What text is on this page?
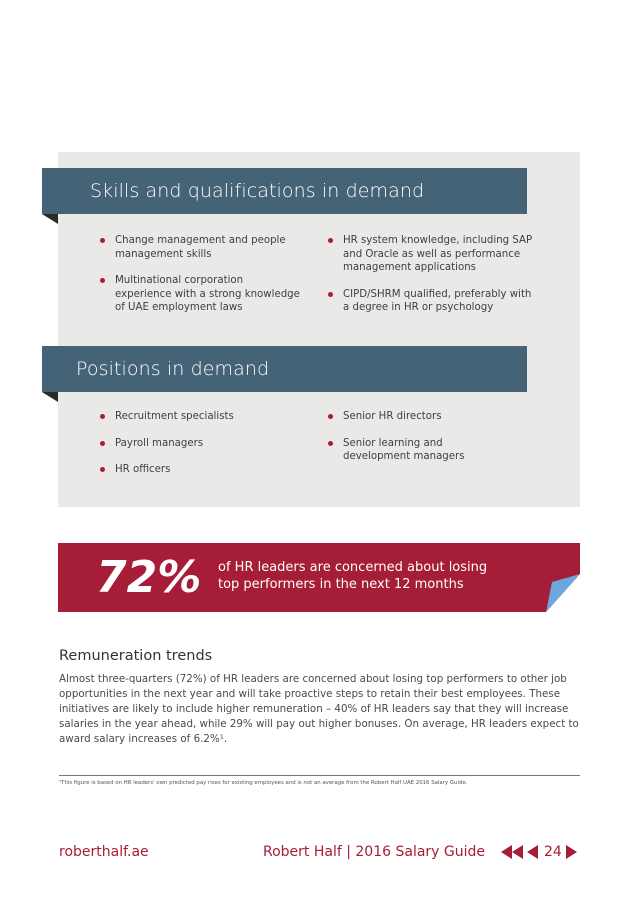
Skills and qualifications in demand
Change management and people management skills
Multinational corporation experience with a strong knowledge of UAE employment laws
HR system knowledge, including SAP and Oracle as well as performance management applications
CIPD/SHRM qualified, preferably with a degree in HR or psychology
Positions in demand
Recruitment specialists
Payroll managers
HR officers
Senior HR directors
Senior learning and development managers
72% of HR leaders are concerned about losing
top performers in the next 12 months
Remuneration trends
Almost three-quarters (72%) of HR leaders are concerned about losing top performers to other job opportunities in the next year and will take proactive steps to retain their best employees. These initiatives are likely to include higher remuneration – 40% of HR leaders say that they will increase salaries in the year ahead, while 29% will pay out higher bonuses. On average, HR leaders expect to award salary increases of 6.2%¹.
¹This figure is based on HR leaders' own predicted pay rises for existing employees and is not an average from the Robert Half UAE 2016 Salary Guide.
roberthalf.ae	Robert Half | 2016 Salary Guide	24
